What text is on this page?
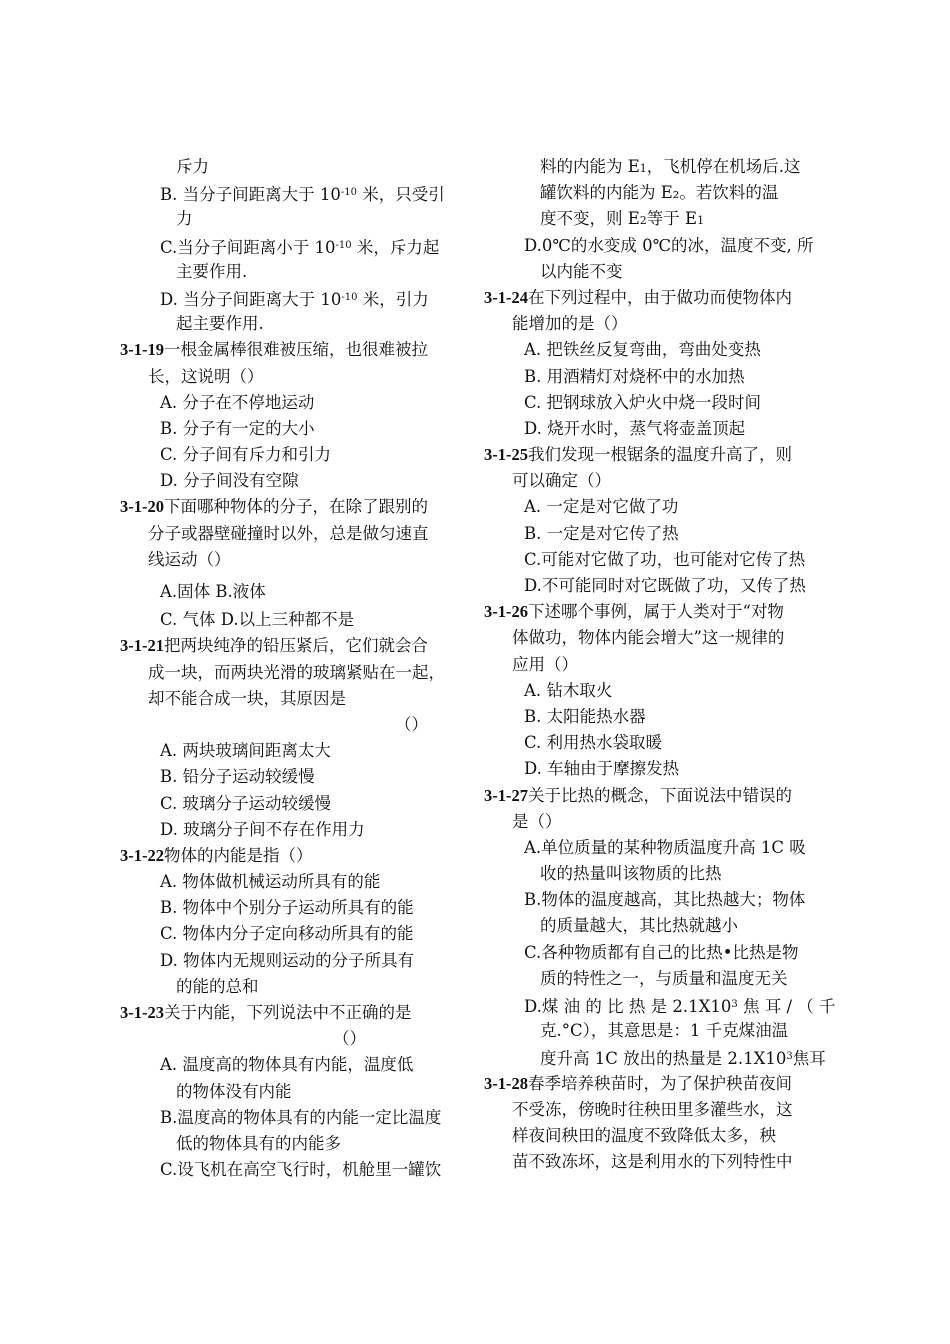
斥力
B. 当分子间距离大于 $10^{-10}$ 米，只受引
力
C.当分子间距离小于 $10^{-10}$ 米，斥力起
主要作用.
D. 当分子间距离大于 $10^{-10}$ 米，引力
起主要作用.
3-1-19一根金属棒很难被压缩，也很难被拉
长，这说明（）
A. 分子在不停地运动
B. 分子有一定的大小
C. 分子间有斥力和引力
D. 分子间没有空隙
3-1-20下面哪种物体的分子，在除了跟别的
分子或器壁碰撞时以外，总是做匀速直
线运动（）
A.固体 B.液体
C. 气体 D.以上三种都不是
3-1-21把两块纯净的铅压紧后，它们就会合
成一块，而两块光滑的玻璃紧贴在一起，
却不能合成一块，其原因是
（）
A. 两块玻璃间距离太大
B. 铅分子运动较缓慢
C. 玻璃分子运动较缓慢
D. 玻璃分子间不存在作用力
3-1-22物体的内能是指（）
A. 物体做机械运动所具有的能
B. 物体中个别分子运动所具有的能
C. 物体内分子定向移动所具有的能
D. 物体内无规则运动的分子所具有
的能的总和
3-1-23关于内能，下列说法中不正确的是
（）
A. 温度高的物体具有内能，温度低
的物体没有内能
B.温度高的物体具有的内能一定比温度
低的物体具有的内能多
C.设飞机在高空飞行时，机舱里一罐饮
料的内能为 E1，飞机停在机场后.这
罐饮料的内能为 E₂。若饮料的温
度不变，则 E2等于 E1
D.0℃的水变成 0℃的冰，温度不变, 所
以内能不变
3-1-24在下列过程中，由于做功而使物体内
能增加的是（）
A. 把铁丝反复弯曲，弯曲处变热
B. 用酒精灯对烧杯中的水加热
C. 把钢球放入炉火中烧一段时间
D. 烧开水时，蒸气将壶盖顶起
3-1-25我们发现一根锯条的温度升高了，则
可以确定（）
A. 一定是对它做了功
B. 一定是对它传了热
C.可能对它做了功，也可能对它传了热
D.不可能同时对它既做了功，又传了热
3-1-26下述哪个事例，属于人类对于“对物
体做功，物体内能会增大”这一规律的
应用（）
A. 钻木取火
B. 太阳能热水器
C. 利用热水袋取暖
D. 车轴由于摩擦发热
3-1-27关于比热的概念，下面说法中错误的
是（）
A.单位质量的某种物质温度升高 1C 吸
收的热量叫该物质的比热
B.物体的温度越高，其比热越大；物体
的质量越大，其比热就越小
C.各种物质都有自己的比热•比热是物
质的特性之一，与质量和温度无关
D.煤 油 的 比 热 是 $2.1X10^3$ 焦 耳 / （ 千
克.°C），其意思是：1 千克煤油温
度升高 1C 放出的热量是 $2.1X10^3$焦耳
3-1-28春季培养秧苗时，为了保护秧苗夜间
不受冻，傍晚时往秧田里多灌些水，这
样夜间秧田的温度不致降低太多，秧
苗不致冻坏，这是利用水的下列特性中
